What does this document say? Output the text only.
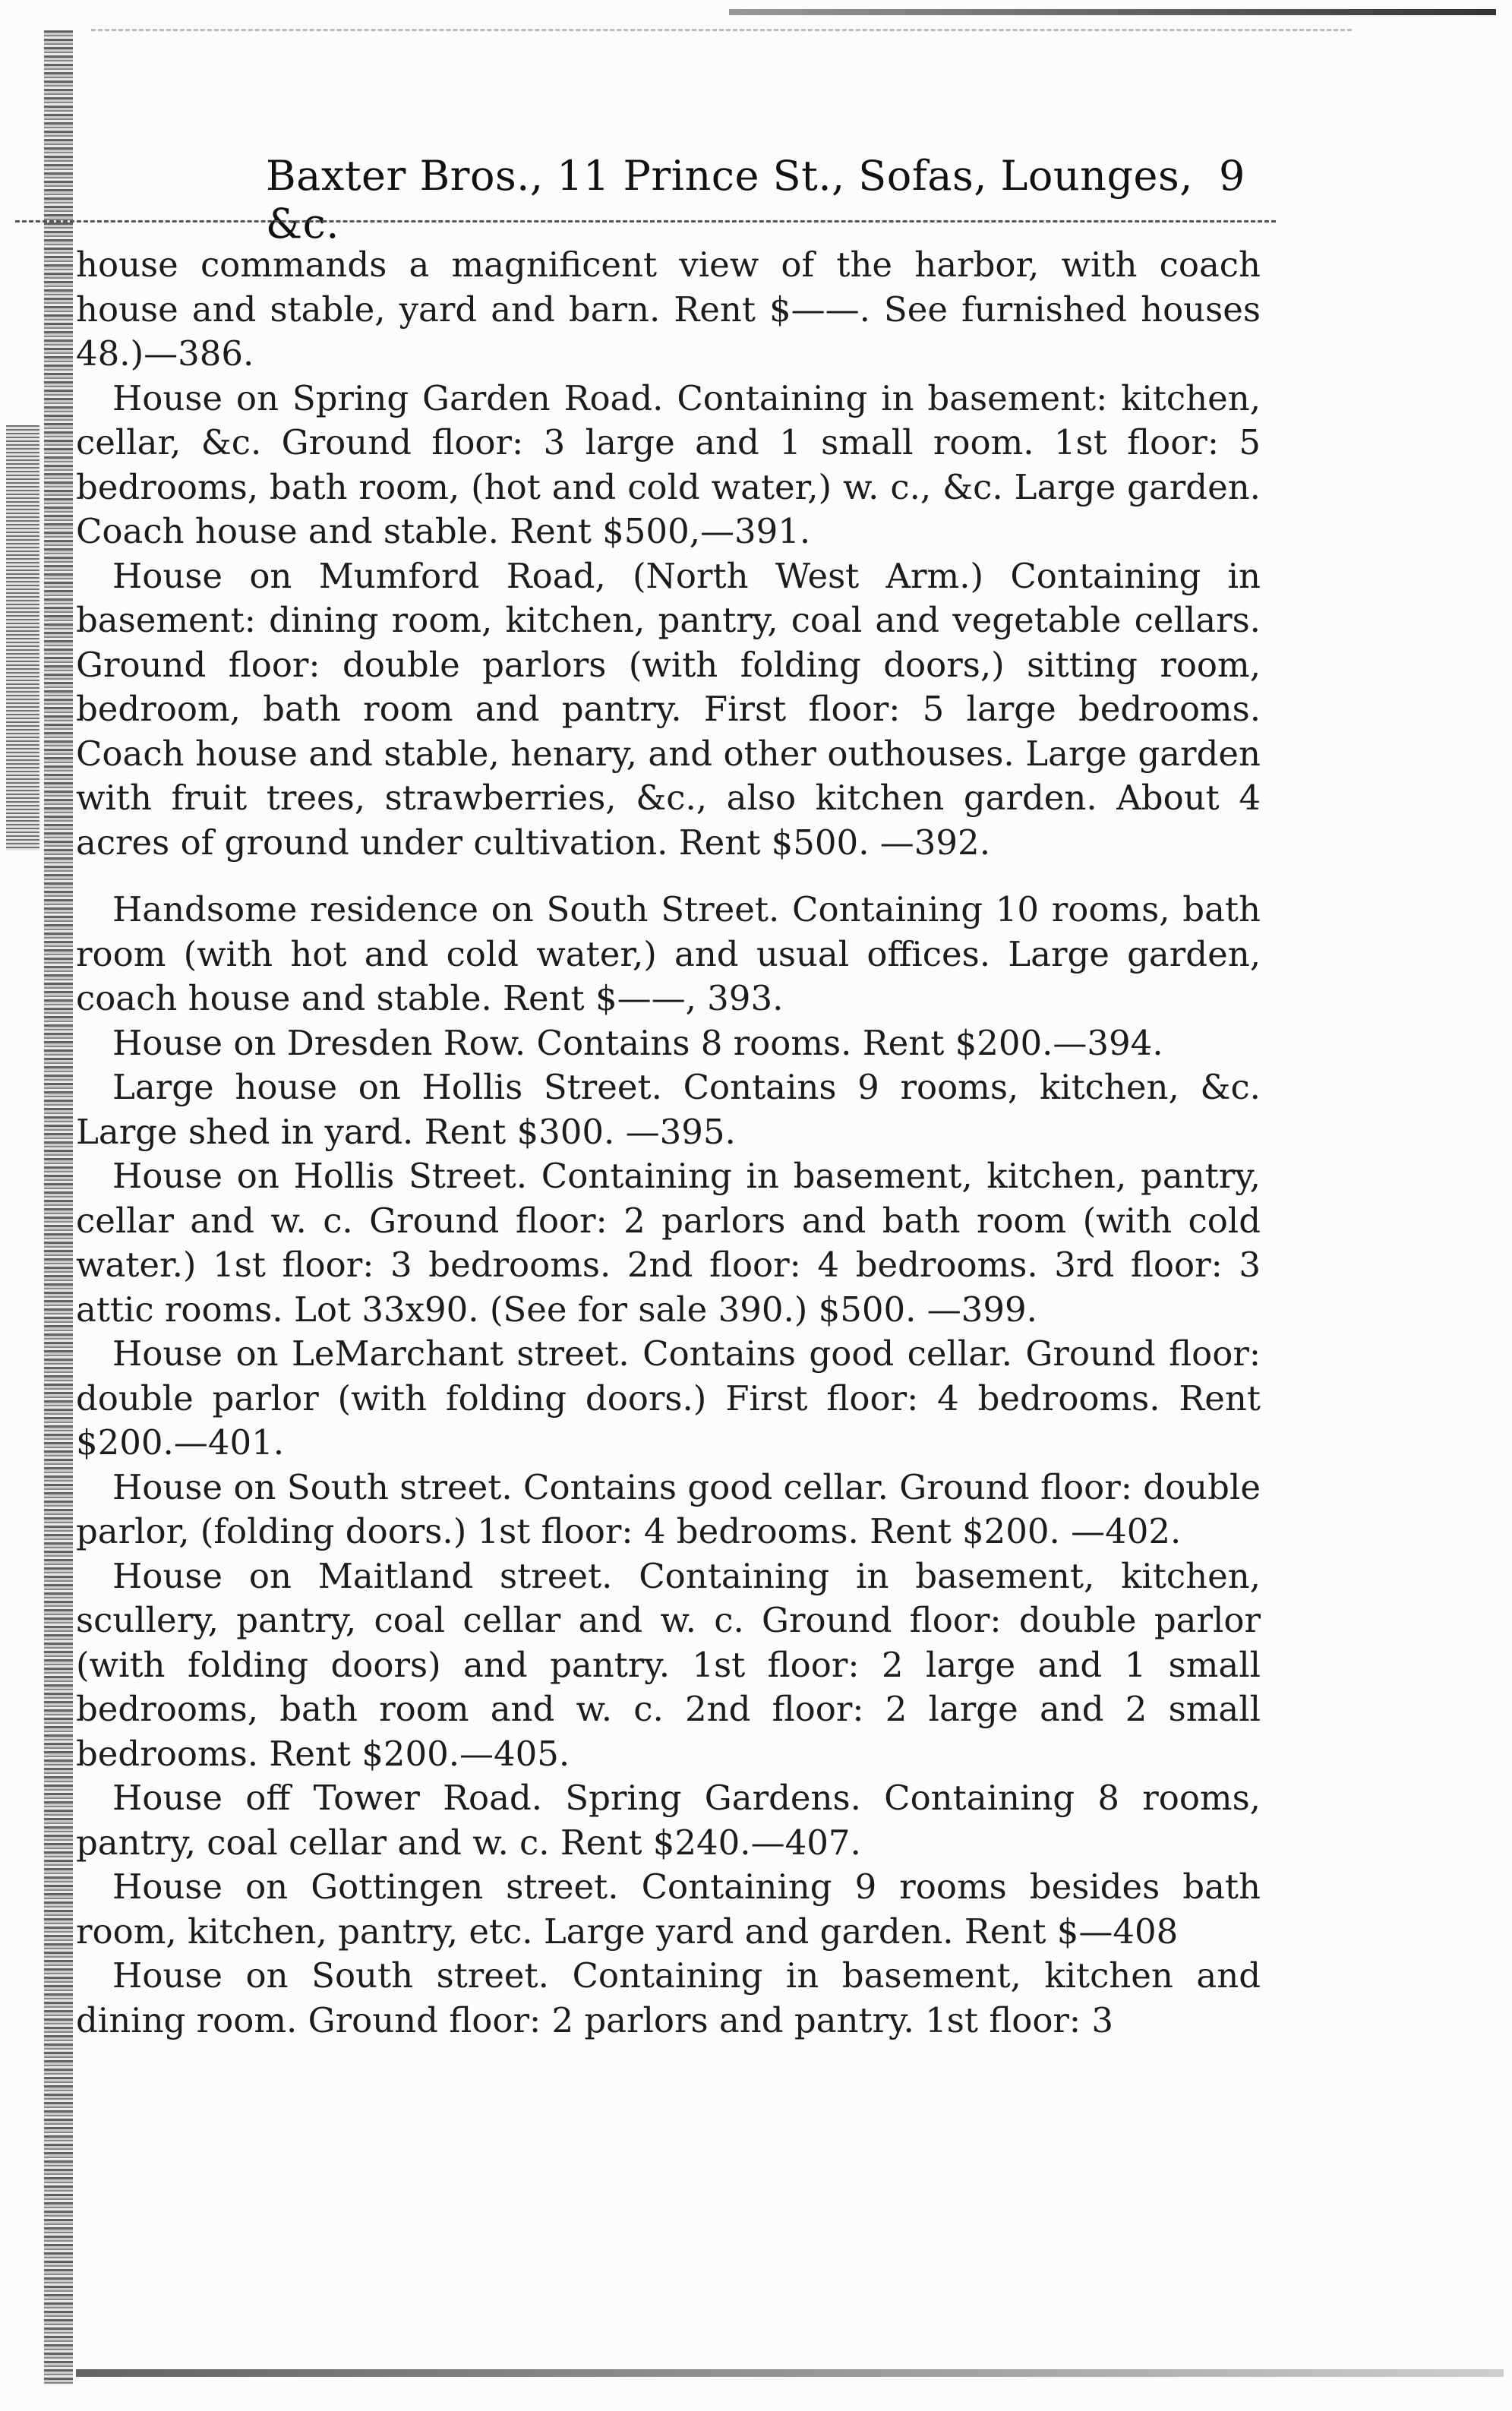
Baxter Bros., 11 Prince St., Sofas, Lounges, &c.
9

house commands a magnificent view of the harbor, with coach house and stable, yard and barn. Rent $——. See furnished houses 48.)—386.

House on Spring Garden Road. Containing in basement: kitchen, cellar, &c. Ground floor: 3 large and 1 small room. 1st floor: 5 bedrooms, bath room, (hot and cold water,) w. c., &c. Large garden. Coach house and stable. Rent $500,—391.

House on Mumford Road, (North West Arm.) Containing in basement: dining room, kitchen, pantry, coal and vegetable cellars. Ground floor: double parlors (with folding doors,) sitting room, bedroom, bath room and pantry. First floor: 5 large bedrooms. Coach house and stable, henary, and other outhouses. Large garden with fruit trees, strawberries, &c., also kitchen garden. About 4 acres of ground under cultivation. Rent $500. —392.

Handsome residence on South Street. Containing 10 rooms, bath room (with hot and cold water,) and usual offices. Large garden, coach house and stable. Rent $——, 393.

House on Dresden Row. Contains 8 rooms. Rent $200.—394.

Large house on Hollis Street. Contains 9 rooms, kitchen, &c. Large shed in yard. Rent $300. —395.

House on Hollis Street. Containing in basement, kitchen, pantry, cellar and w. c. Ground floor: 2 parlors and bath room (with cold water.) 1st floor: 3 bedrooms. 2nd floor: 4 bedrooms. 3rd floor: 3 attic rooms. Lot 33x90. (See for sale 390.) $500. —399.

House on LeMarchant street. Contains good cellar. Ground floor: double parlor (with folding doors.) First floor: 4 bedrooms. Rent $200.—401.

House on South street. Contains good cellar. Ground floor: double parlor, (folding doors.) 1st floor: 4 bedrooms. Rent $200. —402.

House on Maitland street. Containing in basement, kitchen, scullery, pantry, coal cellar and w. c. Ground floor: double parlor (with folding doors) and pantry. 1st floor: 2 large and 1 small bedrooms, bath room and w. c. 2nd floor: 2 large and 2 small bedrooms. Rent $200.—405.

House off Tower Road. Spring Gardens. Containing 8 rooms, pantry, coal cellar and w. c. Rent $240.—407.

House on Gottingen street. Containing 9 rooms besides bath room, kitchen, pantry, etc. Large yard and garden. Rent $—408

House on South street. Containing in basement, kitchen and dining room. Ground floor: 2 parlors and pantry. 1st floor: 3
